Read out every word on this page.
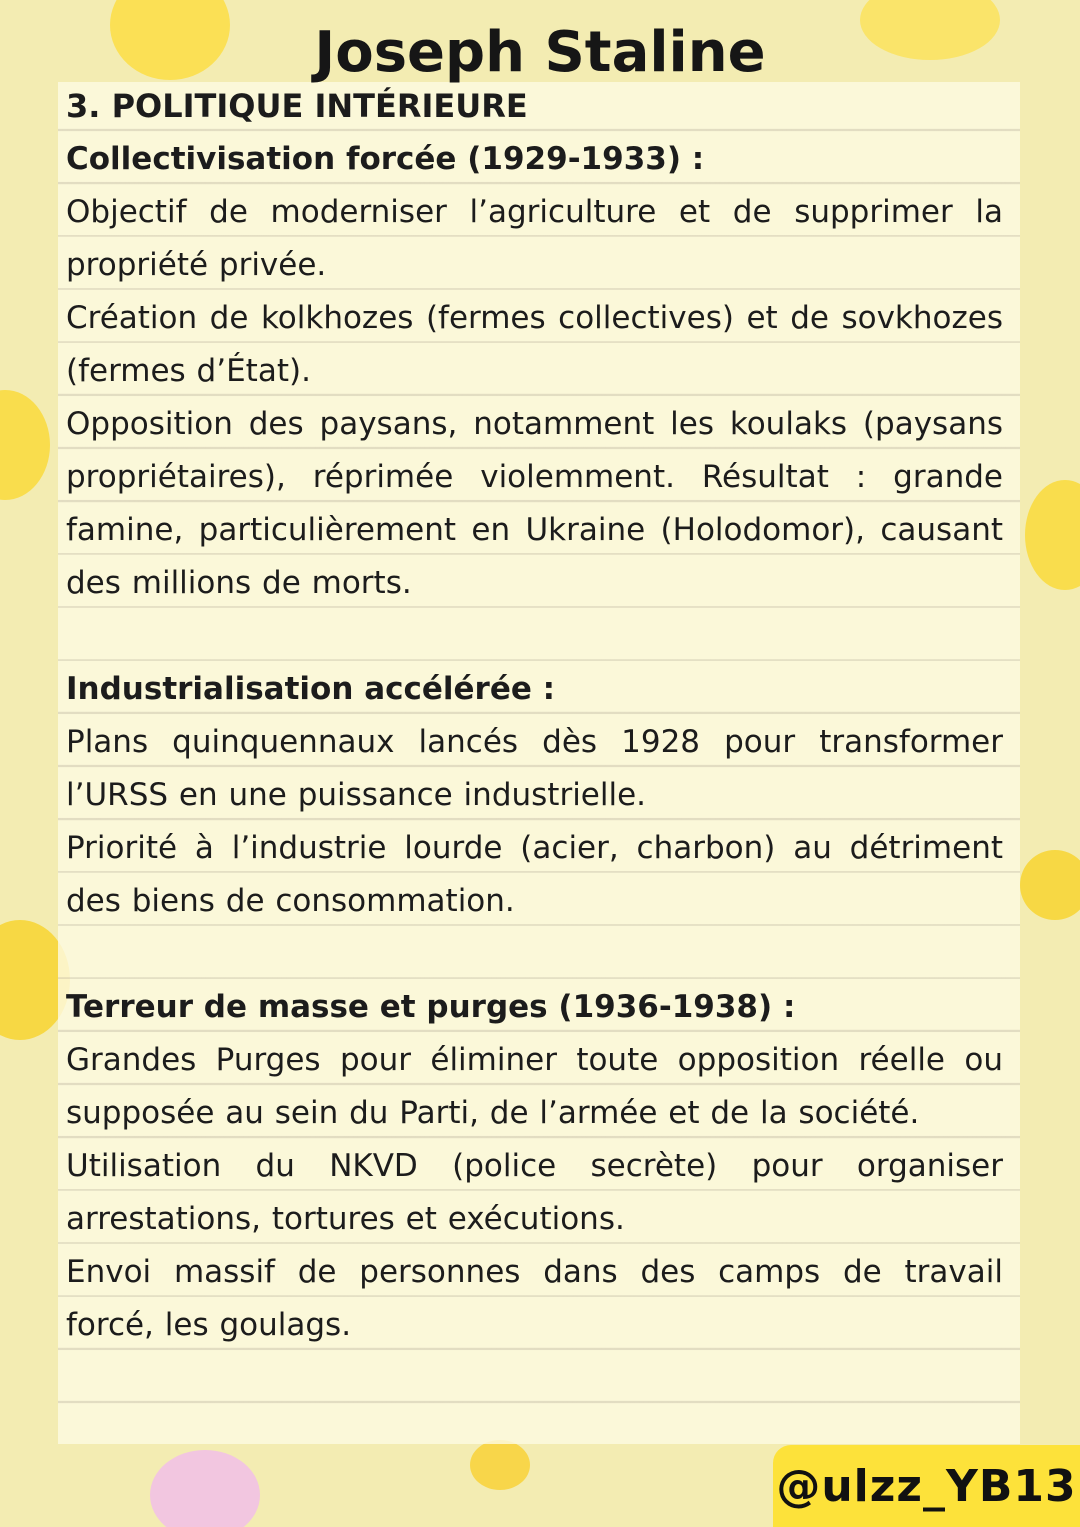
Joseph Staline
3. POLITIQUE INTÉRIEURE
Collectivisation forcée (1929-1933) :

Objectif de moderniser l’agriculture et de supprimer la propriété privée.

Création de kolkhozes (fermes collectives) et de sovkhozes (fermes d’État).

Opposition des paysans, notamment les koulaks (paysans propriétaires), réprimée violemment. Résultat : grande famine, particulièrement en Ukraine (Holodomor), causant des millions de morts.

Industrialisation accélérée :

Plans quinquennaux lancés dès 1928 pour transformer l’URSS en une puissance industrielle.

Priorité à l’industrie lourde (acier, charbon) au détriment des biens de consommation.

Terreur de masse et purges (1936-1938) :

Grandes Purges pour éliminer toute opposition réelle ou supposée au sein du Parti, de l’armée et de la société.

Utilisation du NKVD (police secrète) pour organiser arrestations, tortures et exécutions.

Envoi massif de personnes dans des camps de travail forcé, les goulags.

@ulzz_YB13
